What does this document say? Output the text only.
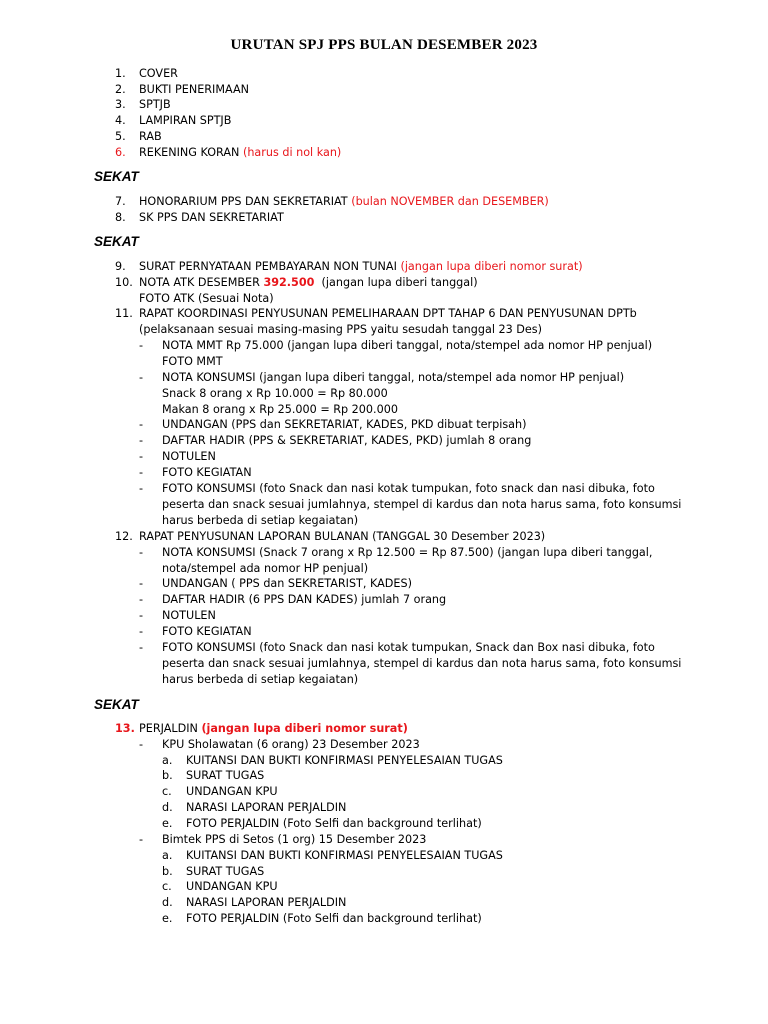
URUTAN SPJ PPS BULAN DESEMBER 2023
1. COVER
2. BUKTI PENERIMAAN
3. SPTJB
4. LAMPIRAN SPTJB
5. RAB
6. REKENING KORAN (harus di nol kan)
SEKAT
7. HONORARIUM PPS DAN SEKRETARIAT (bulan NOVEMBER dan DESEMBER)
8. SK PPS DAN SEKRETARIAT
SEKAT
9. SURAT PERNYATAAN PEMBAYARAN NON TUNAI (jangan lupa diberi nomor surat)
10. NOTA ATK DESEMBER 392.500 (jangan lupa diberi tanggal)
FOTO ATK (Sesuai Nota)
11. RAPAT KOORDINASI PENYUSUNAN PEMELIHARAAN DPT TAHAP 6 DAN PENYUSUNAN DPTb
(pelaksanaan sesuai masing-masing PPS yaitu sesudah tanggal 23 Des)
- NOTA MMT Rp 75.000 (jangan lupa diberi tanggal, nota/stempel ada nomor HP penjual)
FOTO MMT
- NOTA KONSUMSI (jangan lupa diberi tanggal, nota/stempel ada nomor HP penjual)
Snack 8 orang x Rp 10.000 = Rp 80.000
Makan 8 orang x Rp 25.000 = Rp 200.000
- UNDANGAN (PPS dan SEKRETARIAT, KADES, PKD dibuat terpisah)
- DAFTAR HADIR (PPS & SEKRETARIAT, KADES, PKD) jumlah 8 orang
- NOTULEN
- FOTO KEGIATAN
- FOTO KONSUMSI (foto Snack dan nasi kotak tumpukan, foto snack dan nasi dibuka, foto
peserta dan snack sesuai jumlahnya, stempel di kardus dan nota harus sama, foto konsumsi
harus berbeda di setiap kegaiatan)
12. RAPAT PENYUSUNAN LAPORAN BULANAN (TANGGAL 30 Desember 2023)
- NOTA KONSUMSI (Snack 7 orang x Rp 12.500 = Rp 87.500) (jangan lupa diberi tanggal,
nota/stempel ada nomor HP penjual)
- UNDANGAN ( PPS dan SEKRETARIST, KADES)
- DAFTAR HADIR (6 PPS DAN KADES) jumlah 7 orang
- NOTULEN
- FOTO KEGIATAN
- FOTO KONSUMSI (foto Snack dan nasi kotak tumpukan, Snack dan Box nasi dibuka, foto
peserta dan snack sesuai jumlahnya, stempel di kardus dan nota harus sama, foto konsumsi
harus berbeda di setiap kegaiatan)
SEKAT
13. PERJALDIN (jangan lupa diberi nomor surat)
- KPU Sholawatan (6 orang) 23 Desember 2023
a. KUITANSI DAN BUKTI KONFIRMASI PENYELESAIAN TUGAS
b. SURAT TUGAS
c. UNDANGAN KPU
d. NARASI LAPORAN PERJALDIN
e. FOTO PERJALDIN (Foto Selfi dan background terlihat)
- Bimtek PPS di Setos (1 org) 15 Desember 2023
a. KUITANSI DAN BUKTI KONFIRMASI PENYELESAIAN TUGAS
b. SURAT TUGAS
c. UNDANGAN KPU
d. NARASI LAPORAN PERJALDIN
e. FOTO PERJALDIN (Foto Selfi dan background terlihat)
